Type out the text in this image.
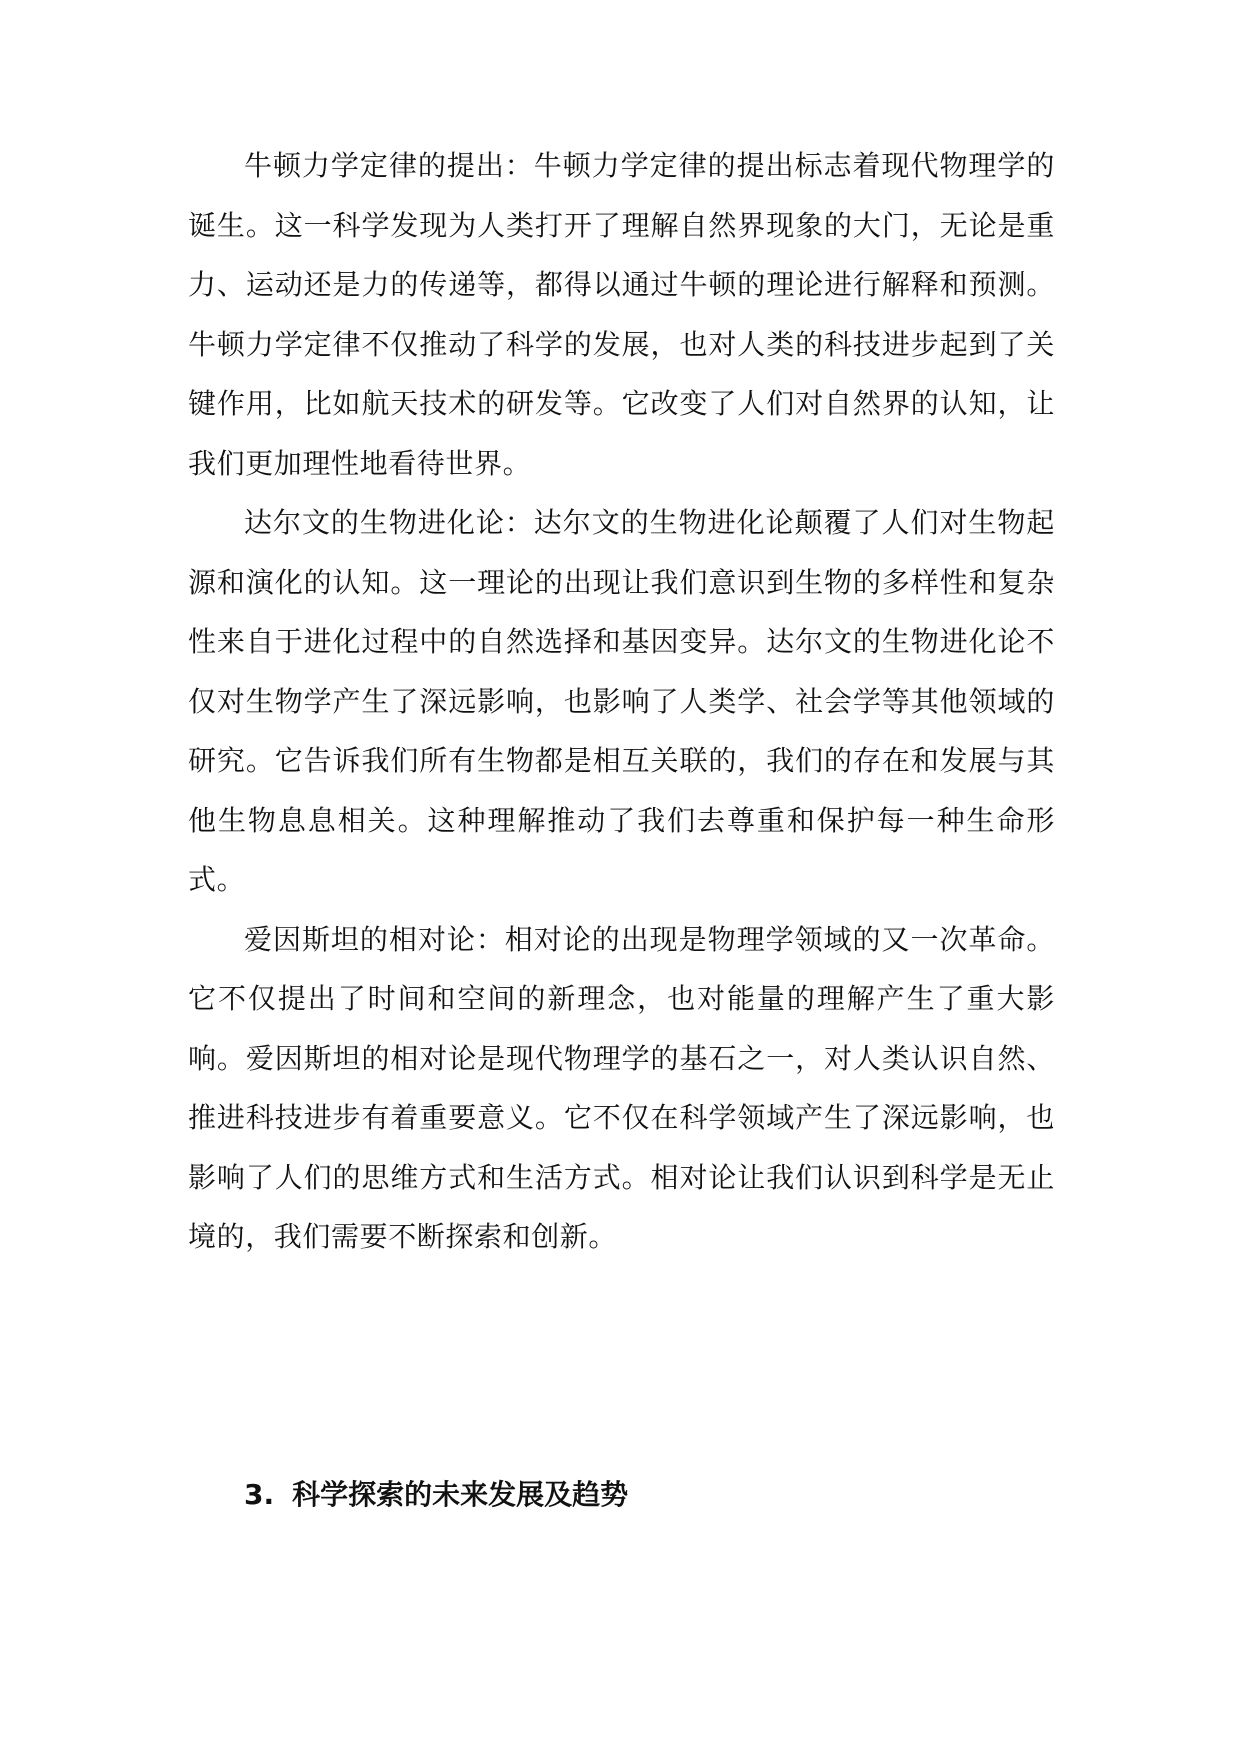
牛顿力学定律的提出：牛顿力学定律的提出标志着现代物理学的诞生。这一科学发现为人类打开了理解自然界现象的大门，无论是重力、运动还是力的传递等，都得以通过牛顿的理论进行解释和预测。牛顿力学定律不仅推动了科学的发展，也对人类的科技进步起到了关键作用，比如航天技术的研发等。它改变了人们对自然界的认知，让我们更加理性地看待世界。

达尔文的生物进化论：达尔文的生物进化论颠覆了人们对生物起源和演化的认知。这一理论的出现让我们意识到生物的多样性和复杂性来自于进化过程中的自然选择和基因变异。达尔文的生物进化论不仅对生物学产生了深远影响，也影响了人类学、社会学等其他领域的研究。它告诉我们所有生物都是相互关联的，我们的存在和发展与其他生物息息相关。这种理解推动了我们去尊重和保护每一种生命形式。

爱因斯坦的相对论：相对论的出现是物理学领域的又一次革命。它不仅提出了时间和空间的新理念，也对能量的理解产生了重大影响。爱因斯坦的相对论是现代物理学的基石之一，对人类认识自然、推进科技进步有着重要意义。它不仅在科学领域产生了深远影响，也影响了人们的思维方式和生活方式。相对论让我们认识到科学是无止境的，我们需要不断探索和创新。

3. 科学探索的未来发展及趋势
